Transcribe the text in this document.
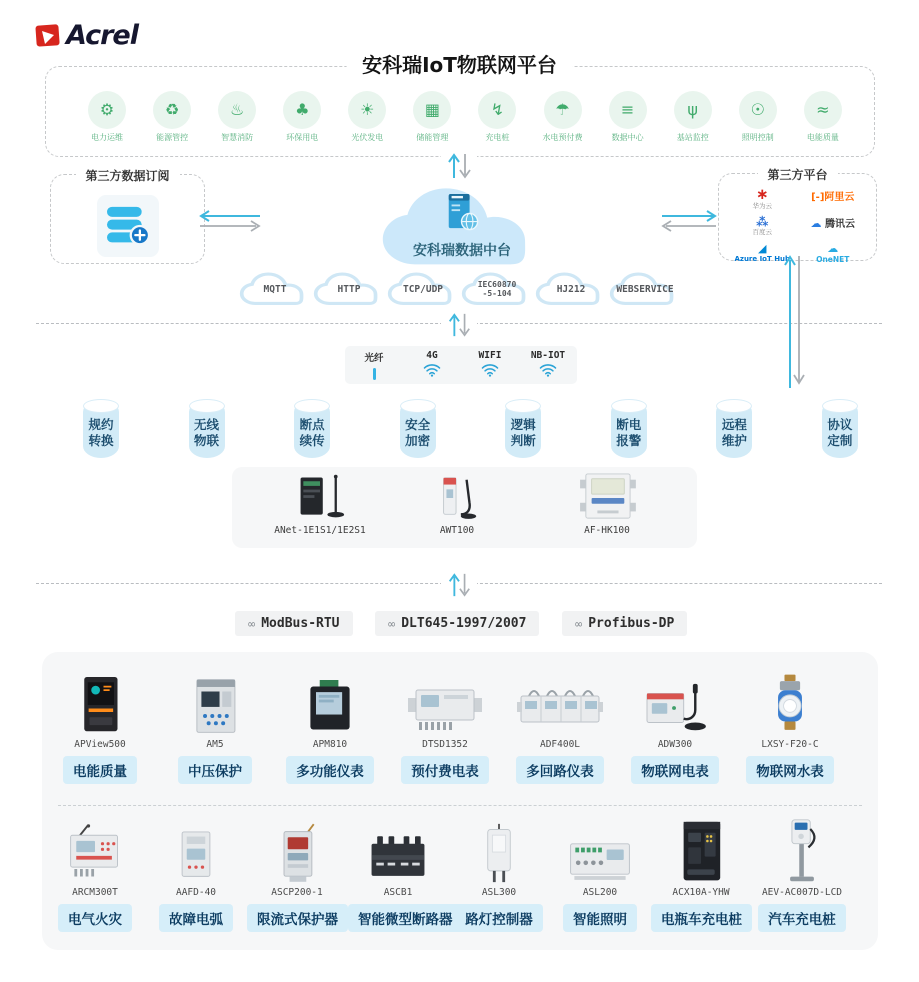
Acrel
安科瑞IoT物联网平台
⚙
电力运维
♻
能源管控
♨
智慧消防
♣
环保用电
☀
光伏发电
▦
储能管理
↯
充电桩
☂
水电预付费
≡
数据中心
ψ
基站监控
☉
照明控制
≈
电能质量
第三方数据订阅
安科瑞数据中台
第三方平台
∗
华为云
[-]阿里云
⁂
百度云
☁ 腾讯云
◢
Azure IoT Hub
☁
OneNET
MQTT	HTTP	TCP/UDP	IEC60870
-5-104	HJ212	WEBSERVICE
光纤	4G	WIFI	NB-IOT
规约转换
无线物联
断点续传
安全加密
逻辑判断
断电报警
远程维护
协议定制
ANet-1E1S1/1E2S1	AWT100	AF-HK100
∞ ModBus-RTU	∞ DLT645-1997/2007	∞ Profibus-DP
APView500
电能质量
AM5
中压保护
APM810
多功能仪表
DTSD1352
预付费电表
ADF400L
多回路仪表
ADW300
物联网电表
LXSY-F20-C
物联网水表
ARCM300T
电气火灾
AAFD-40
故障电弧
ASCP200-1
限流式保护器
ASCB1
智能微型断路器
ASL300
路灯控制器
ASL200
智能照明
ACX10A-YHW
电瓶车充电桩
AEV-AC007D-LCD
汽车充电桩
